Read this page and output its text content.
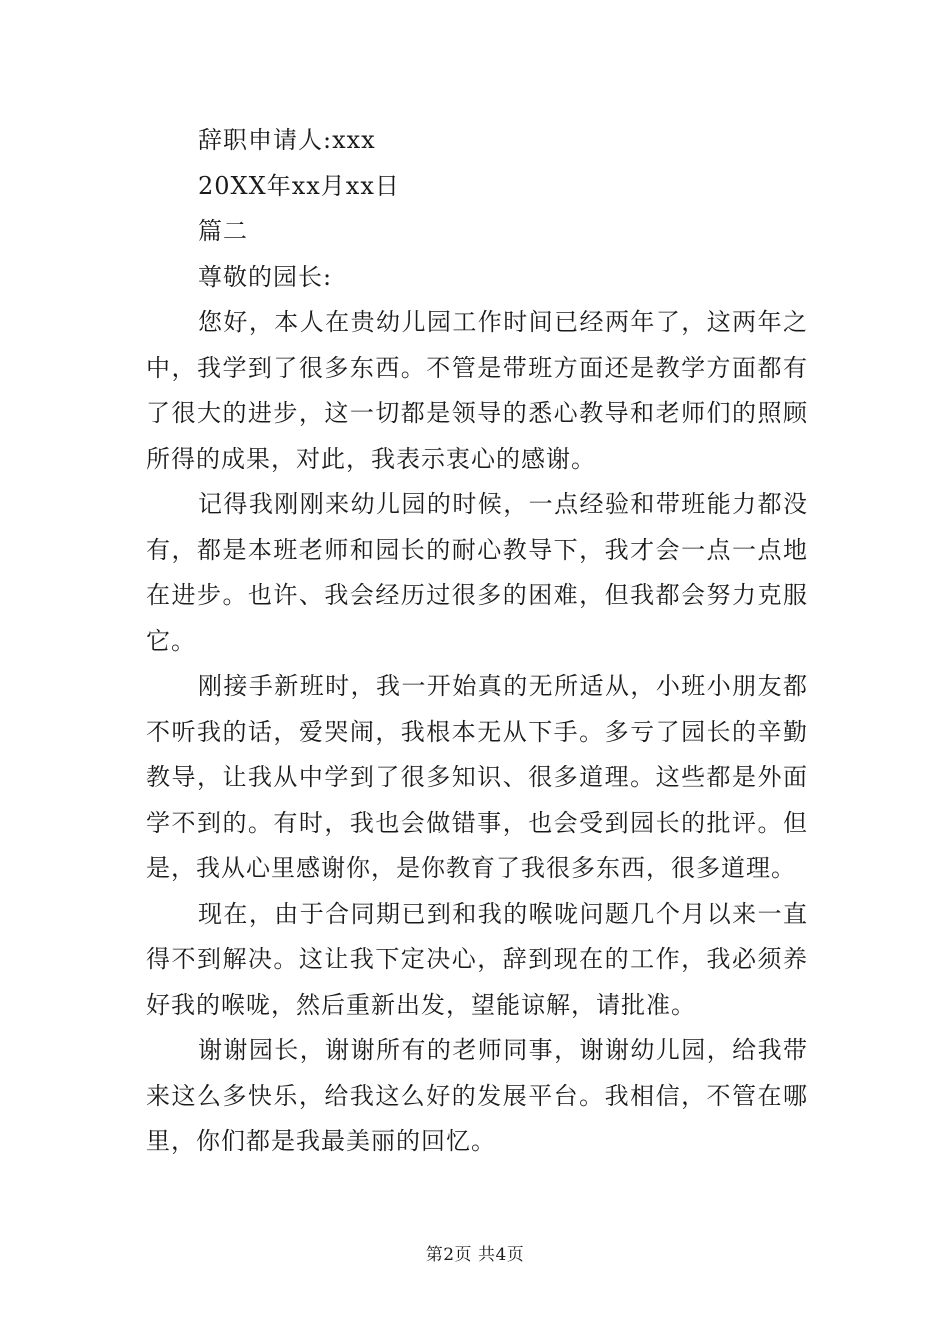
辞职申请人:xxx

20XX年xx月xx日

篇二

尊敬的园长:

您好，本人在贵幼儿园工作时间已经两年了，这两年之中，我学到了很多东西。不管是带班方面还是教学方面都有了很大的进步，这一切都是领导的悉心教导和老师们的照顾所得的成果，对此，我表示衷心的感谢。

记得我刚刚来幼儿园的时候，一点经验和带班能力都没有，都是本班老师和园长的耐心教导下，我才会一点一点地在进步。也许、我会经历过很多的困难，但我都会努力克服它。

刚接手新班时，我一开始真的无所适从，小班小朋友都不听我的话，爱哭闹，我根本无从下手。多亏了园长的辛勤教导，让我从中学到了很多知识、很多道理。这些都是外面学不到的。有时，我也会做错事，也会受到园长的批评。但是，我从心里感谢你，是你教育了我很多东西，很多道理。

现在，由于合同期已到和我的喉咙问题几个月以来一直得不到解决。这让我下定决心，辞到现在的工作，我必须养好我的喉咙，然后重新出发，望能谅解，请批准。

谢谢园长，谢谢所有的老师同事，谢谢幼儿园，给我带来这么多快乐，给我这么好的发展平台。我相信，不管在哪里，你们都是我最美丽的回忆。

第2页 共4页
